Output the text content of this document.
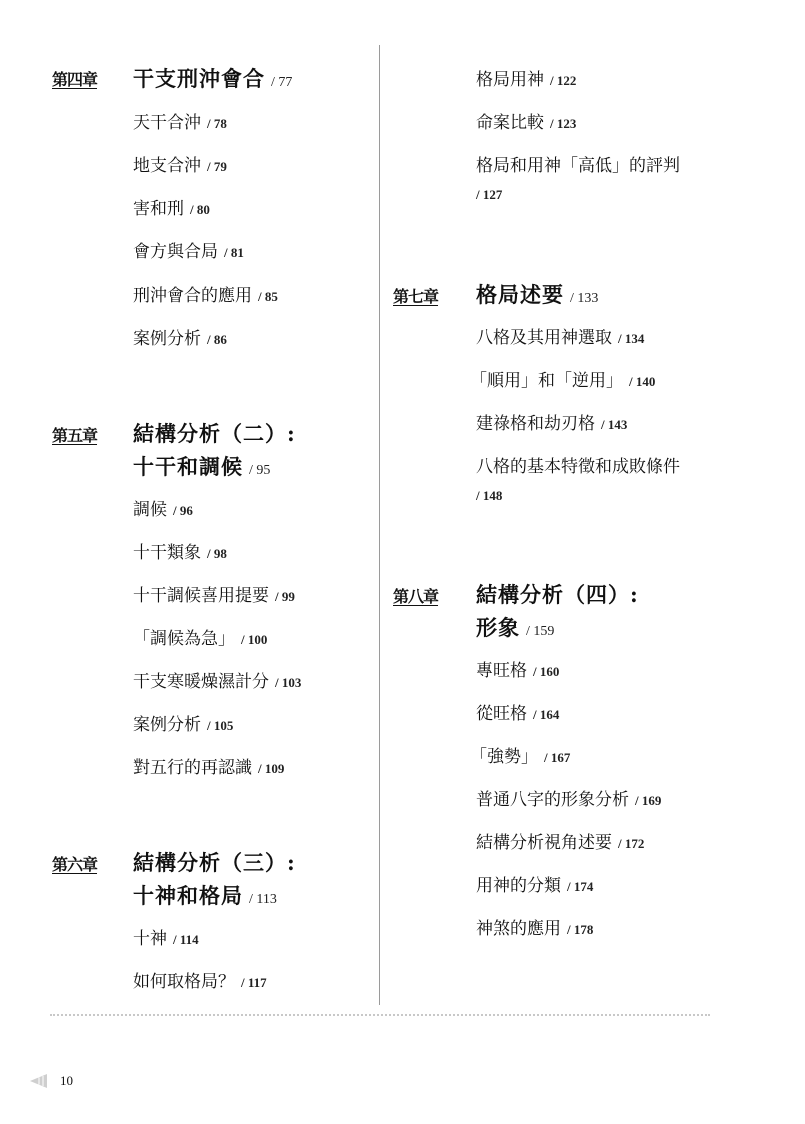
第四章 干支刑沖會合 / 77
天干合沖 / 78
地支合沖 / 79
害和刑 / 80
會方與合局 / 81
刑沖會合的應用 / 85
案例分析 / 86
第五章 結構分析（二）:
十干和調候 / 95
調候 / 96
十干類象 / 98
十干調候喜用提要 / 99
「調候為急」 / 100
干支寒暖燥濕計分 / 103
案例分析 / 105
對五行的再認識 / 109
第六章 結構分析（三）:
十神和格局 / 113
十神 / 114
如何取格局？ / 117
格局用神 / 122
命案比較 / 123
格局和用神「高低」的評判
/ 127
第七章 格局述要 / 133
八格及其用神選取 / 134
「順用」和「逆用」 / 140
建祿格和劫刃格 / 143
八格的基本特徵和成敗條件
/ 148
第八章 結構分析（四）:
形象 / 159
專旺格 / 160
從旺格 / 164
「強勢」 / 167
普通八字的形象分析 / 169
結構分析視角述要 / 172
用神的分類 / 174
神煞的應用 / 178
10
